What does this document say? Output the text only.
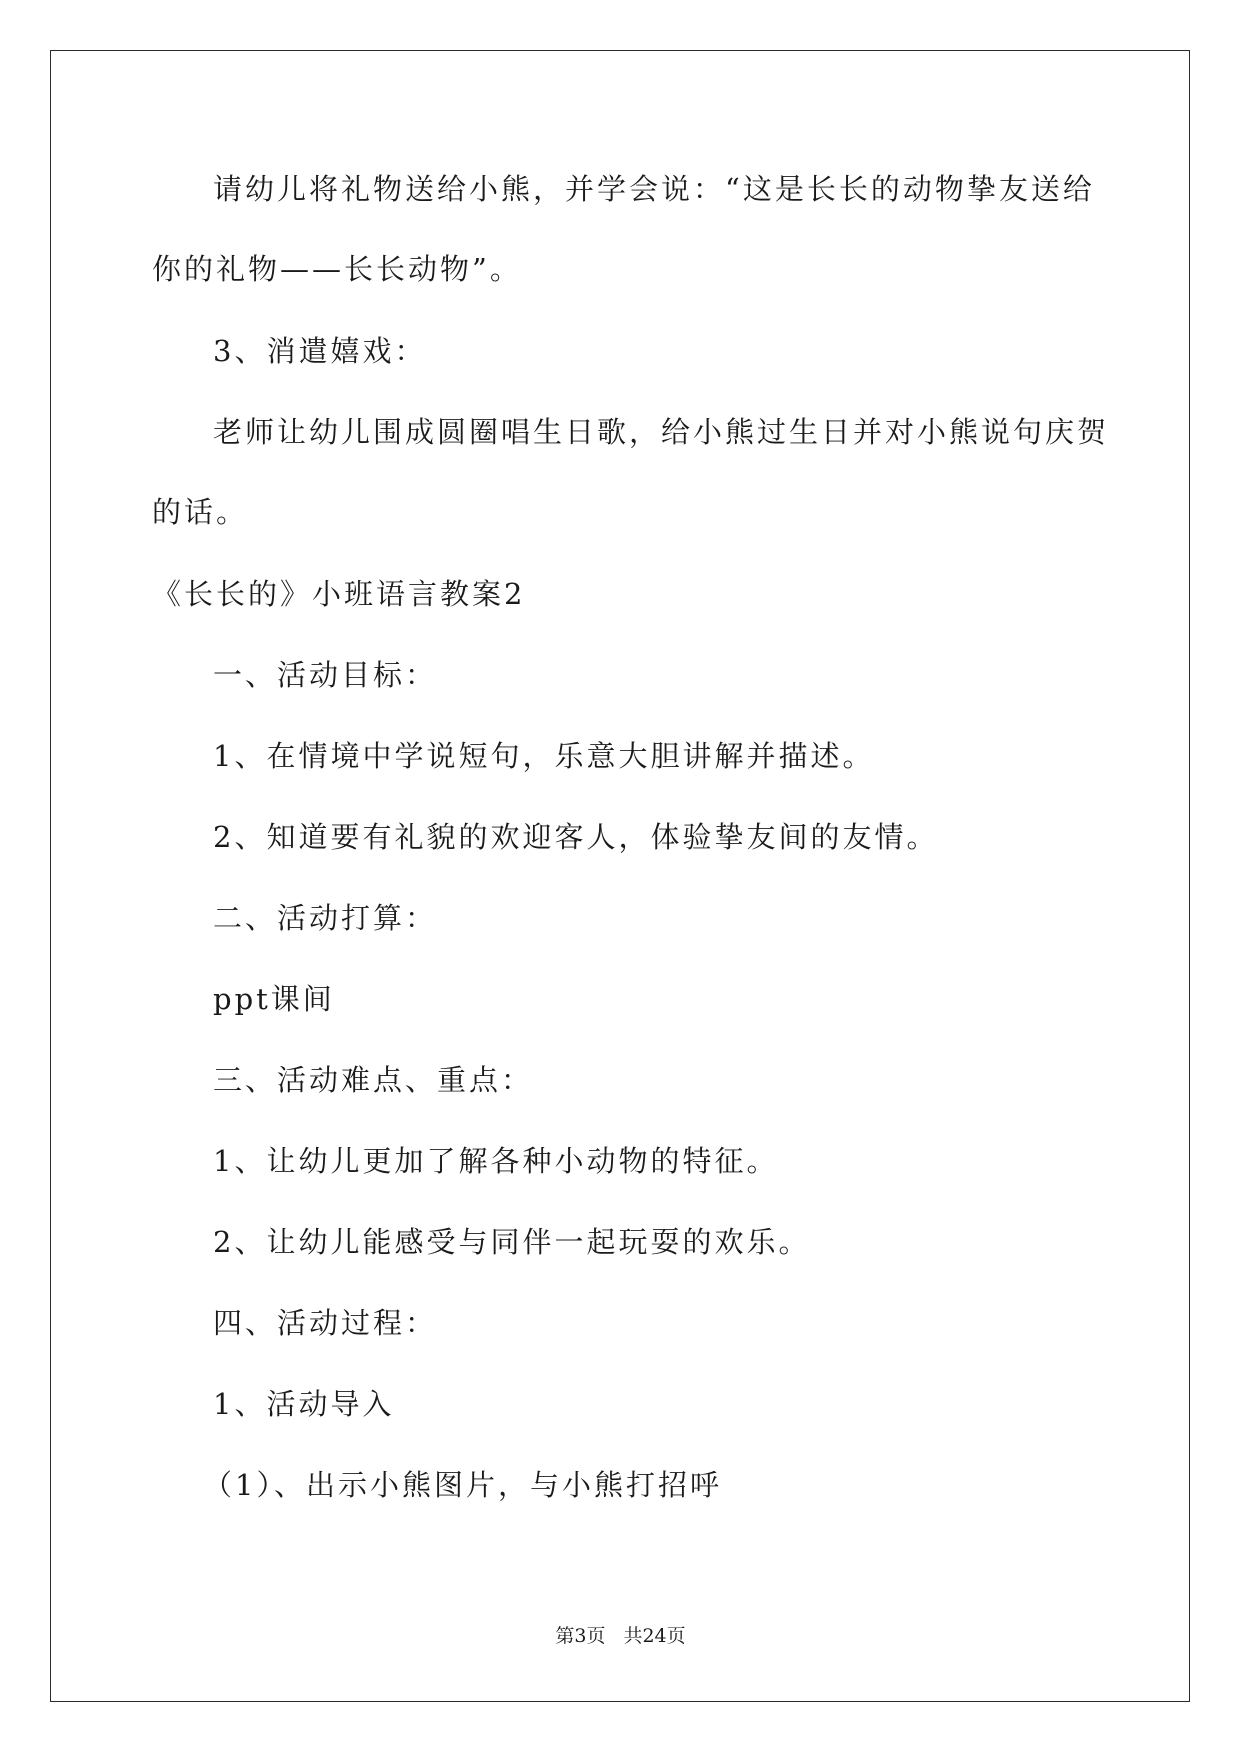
请幼儿将礼物送给小熊，并学会说：“这是长长的动物挚友送给
你的礼物——长长动物”。
3、消遣嬉戏：
老师让幼儿围成圆圈唱生日歌，给小熊过生日并对小熊说句庆贺
的话。
《长长的》小班语言教案2
一、活动目标：
1、在情境中学说短句，乐意大胆讲解并描述。
2、知道要有礼貌的欢迎客人，体验挚友间的友情。
二、活动打算：
ppt课间
三、活动难点、重点：
1、让幼儿更加了解各种小动物的特征。
2、让幼儿能感受与同伴一起玩耍的欢乐。
四、活动过程：
1、活动导入
（1）、出示小熊图片，与小熊打招呼
第3页 共24页
